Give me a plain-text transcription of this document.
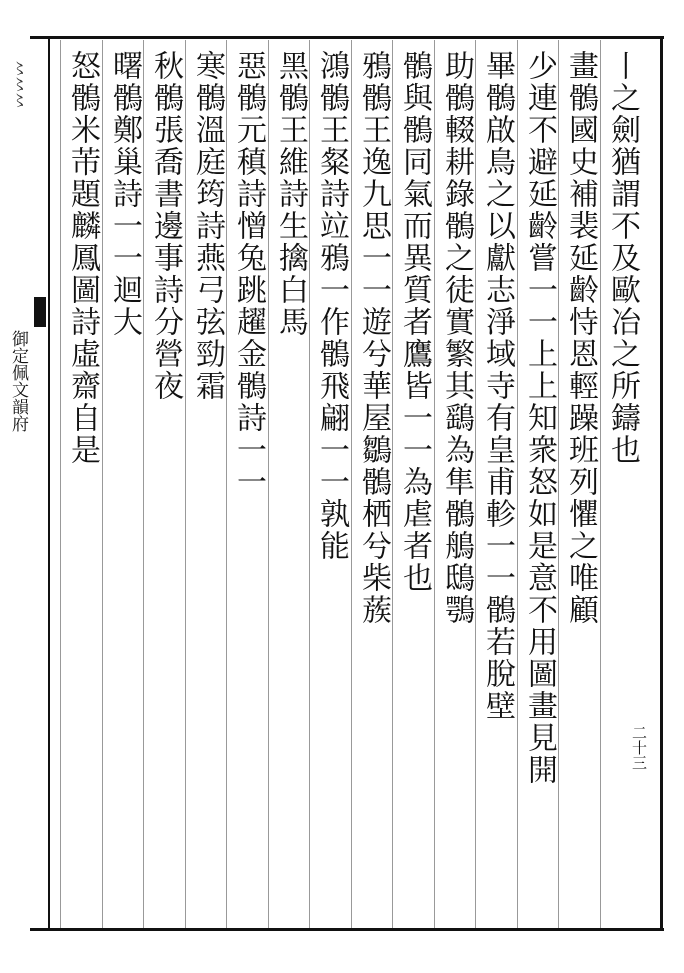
御定佩文韻府
二十三
〻〻〻	丨之劍猶謂不及歐冶之所鑄也
畫鶻國史補裴延齡恃恩輕躁班列懼之唯顧
少連不避延齡嘗一一上上知衆怒如是意不用圖畫見開
畢鶻啟鳥之以獻志淨域寺有皇甫軫一一鶻若脫壁
助鶻輟耕錄鶻之徒實繁其鷂為隼鶻鵃鴟鶚
鶻與鶻同氣而異質者鷹皆一一為虐者也
鴉鶻王逸九思一一遊兮華屋鶵鶻栖兮柴蔟
鴻鶻王粲詩竝鴉一作鶻飛翩一一孰能
黑鶻王維詩生擒白馬
惡鶻元稹詩憎兔跳趯金鶻詩一一
寒鶻溫庭筠詩燕弓弦勁霜
秋鶻張喬書邊事詩分營夜
曙鶻鄭巢詩一一迴大
怒鶻米芾題麟鳳圖詩虛齋自是
